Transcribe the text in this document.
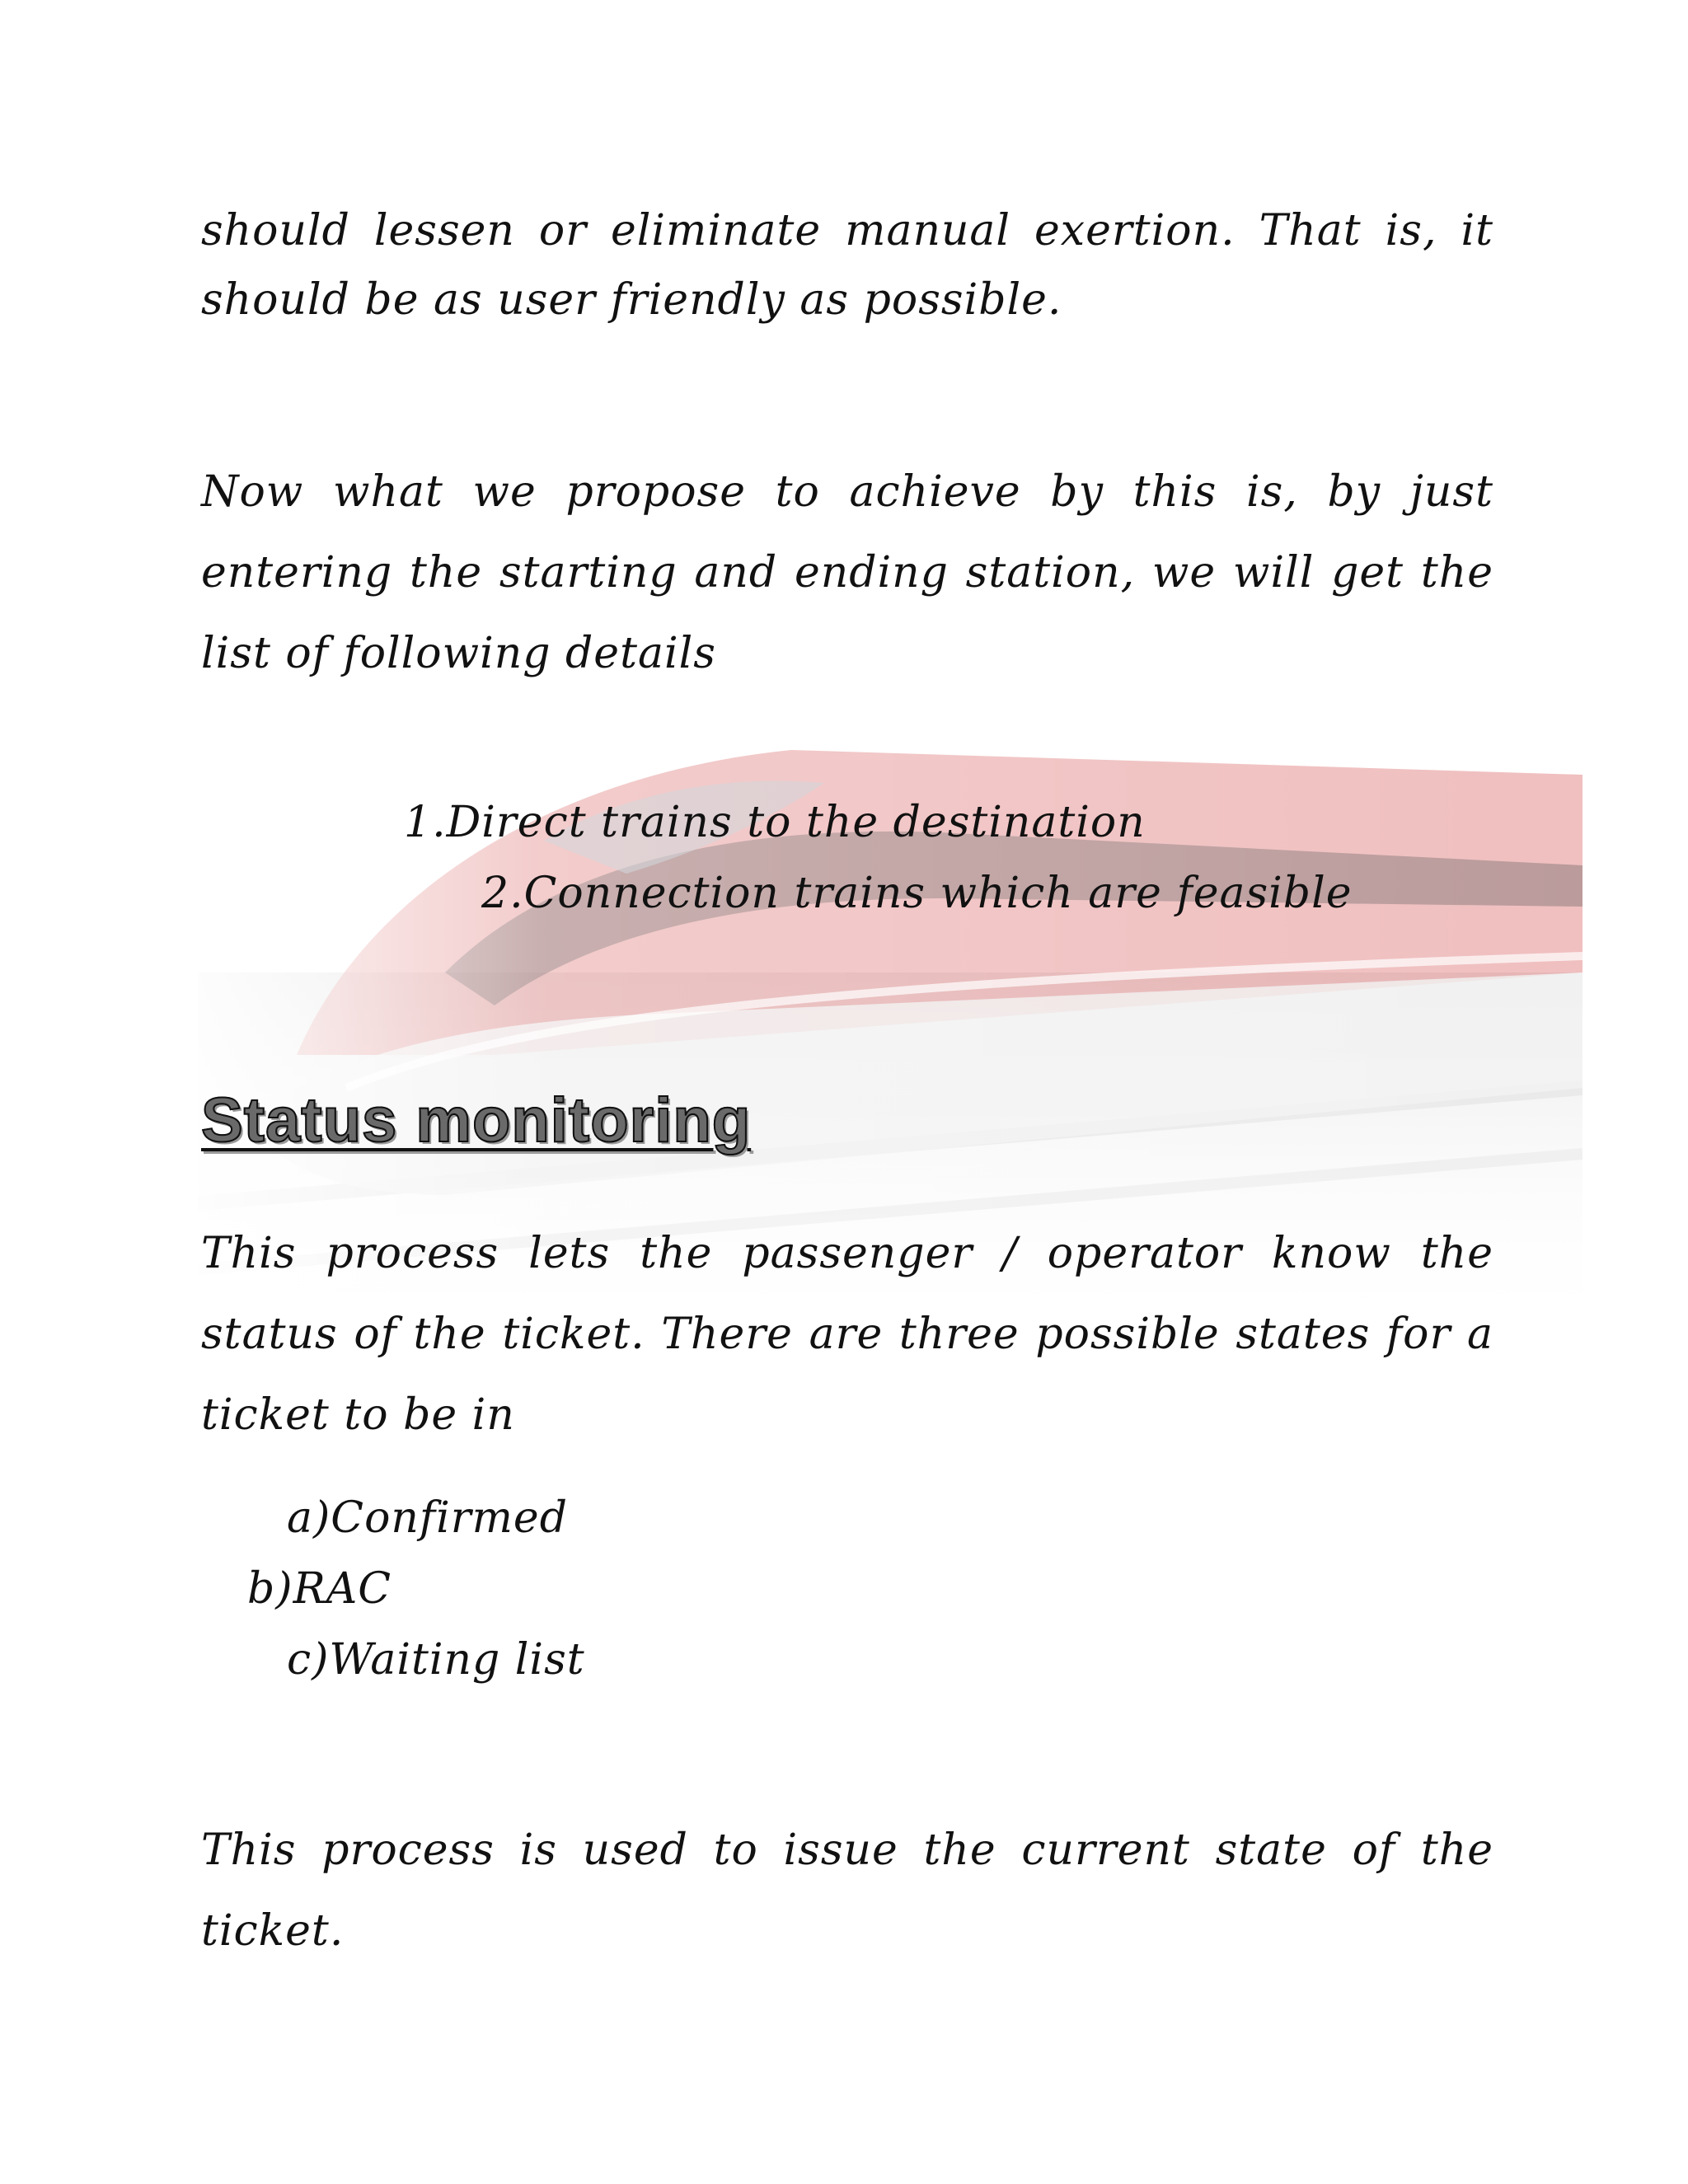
should lessen or eliminate manual exertion. That is, it should be as user friendly as possible.

Now what we propose to achieve by this is, by just entering the starting and ending station, we will get the list of following details

1.Direct trains to the destination
2.Connection trains which are feasible
Status monitoring

This process lets the passenger / operator know the status of the ticket. There are three possible states for a ticket to be in

a)Confirmed
b)RAC
c)Waiting list

This process is used to issue the current state of the ticket.
